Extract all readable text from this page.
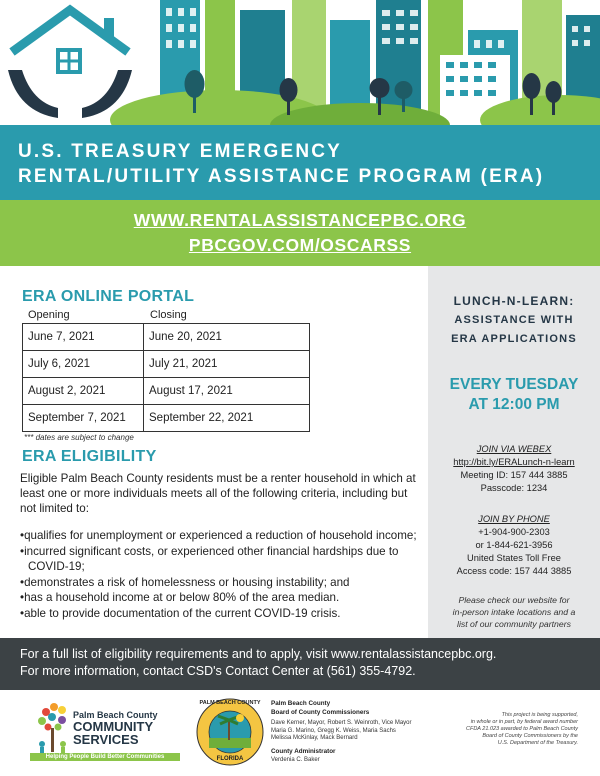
U.S. TREASURY EMERGENCY
RENTAL/UTILITY ASSISTANCE PROGRAM (ERA)
WWW.RENTALASSISTANCEPBC.ORG
PBCGOV.COM/OSCARSS
ERA ONLINE PORTAL
Opening	Closing
June 7, 2021	June 20, 2021
July 6, 2021	July 21, 2021
August 2, 2021	August 17, 2021
September 7, 2021	September 22, 2021
*** dates are subject to change
ERA ELIGIBILITY
Eligible Palm Beach County residents must be a renter household in which at least one or more individuals meets all of the following criteria, including but not limited to:
• qualifies for unemployment or experienced a reduction of household income;
• incurred significant costs, or experienced other financial hardships due to COVID-19;
• demonstrates a risk of homelessness or housing instability; and
• has a household income at or below 80% of the area median.
• able to provide documentation of the current COVID-19 crisis.
LUNCH-N-LEARN:
ASSISTANCE WITH
ERA APPLICATIONS
EVERY TUESDAY
AT 12:00 PM
JOIN VIA WEBEX
http://bit.ly/ERALunch-n-learn
Meeting ID: 157 444 3885
Passcode: 1234
JOIN BY PHONE
+1-904-900-2303
or 1-844-621-3956
United States Toll Free
Access code: 157 444 3885
Please check our website for
in-person intake locations and a
list of our community partners
For a full list of eligibility requirements and to apply, visit www.rentalassistancepbc.org.
For more information, contact CSD's Contact Center at (561) 355-4792.
Palm Beach County
COMMUNITY
SERVICES
Helping People Build Better Communities
PALM BEACH COUNTY
FLORIDA
Palm Beach County
Board of County Commissioners
Dave Kerner, Mayor, Robert S. Weinroth, Vice Mayor
Maria G. Marino, Gregg K. Weiss, Maria Sachs
Melissa McKinlay, Mack Bernard
County Administrator
Verdenia C. Baker
This project is being supported,
in whole or in part, by federal award number
CFDA 21.023 awarded to Palm Beach County
Board of County Commissioners by the
U.S. Department of the Treasury.
